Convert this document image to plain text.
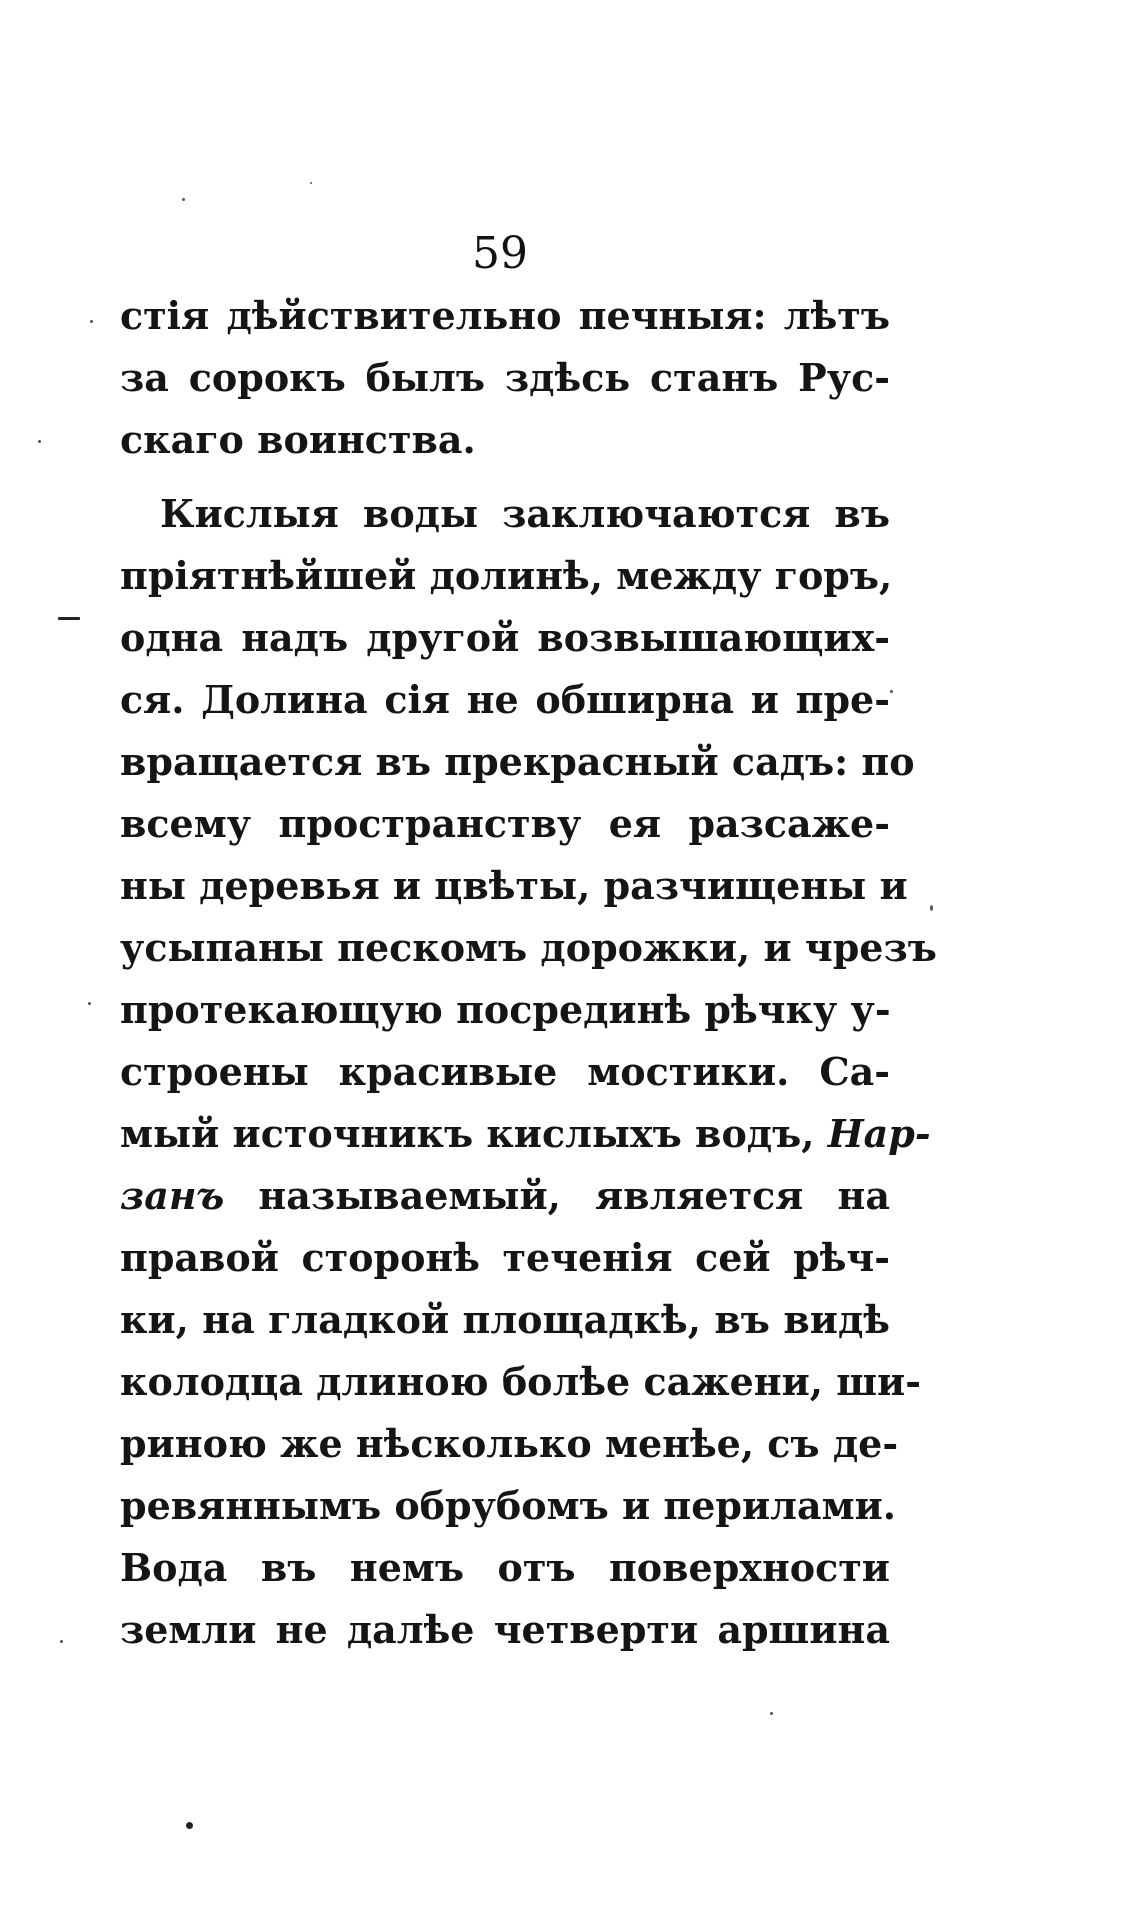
59
стія дѣйствительно печныя: лѣтъ
за сорокъ былъ здѣсь станъ Рус-
скаго воинства.
Кислыя воды заключаются въ
пріятнѣйшей долинѣ, между горъ,
одна надъ другой возвышающих-
ся. Долина сія не обширна и пре-
вращается въ прекрасный садъ: по
всему пространству ея разсаже-
ны деревья и цвѣты, разчищены и
усыпаны пескомъ дорожки, и чрезъ
протекающую посрединѣ рѣчку у-
строены красивые мостики. Са-
мый источникъ кислыхъ водъ, Нар-
занъ называемый, является на
правой сторонѣ теченія сей рѣч-
ки, на гладкой площадкѣ, въ видѣ
колодца длиною болѣе сажени, ши-
риною же нѣсколько менѣе, съ де-
ревяннымъ обрубомъ и перилами.
Вода въ немъ отъ поверхности
земли не далѣе четверти аршина
